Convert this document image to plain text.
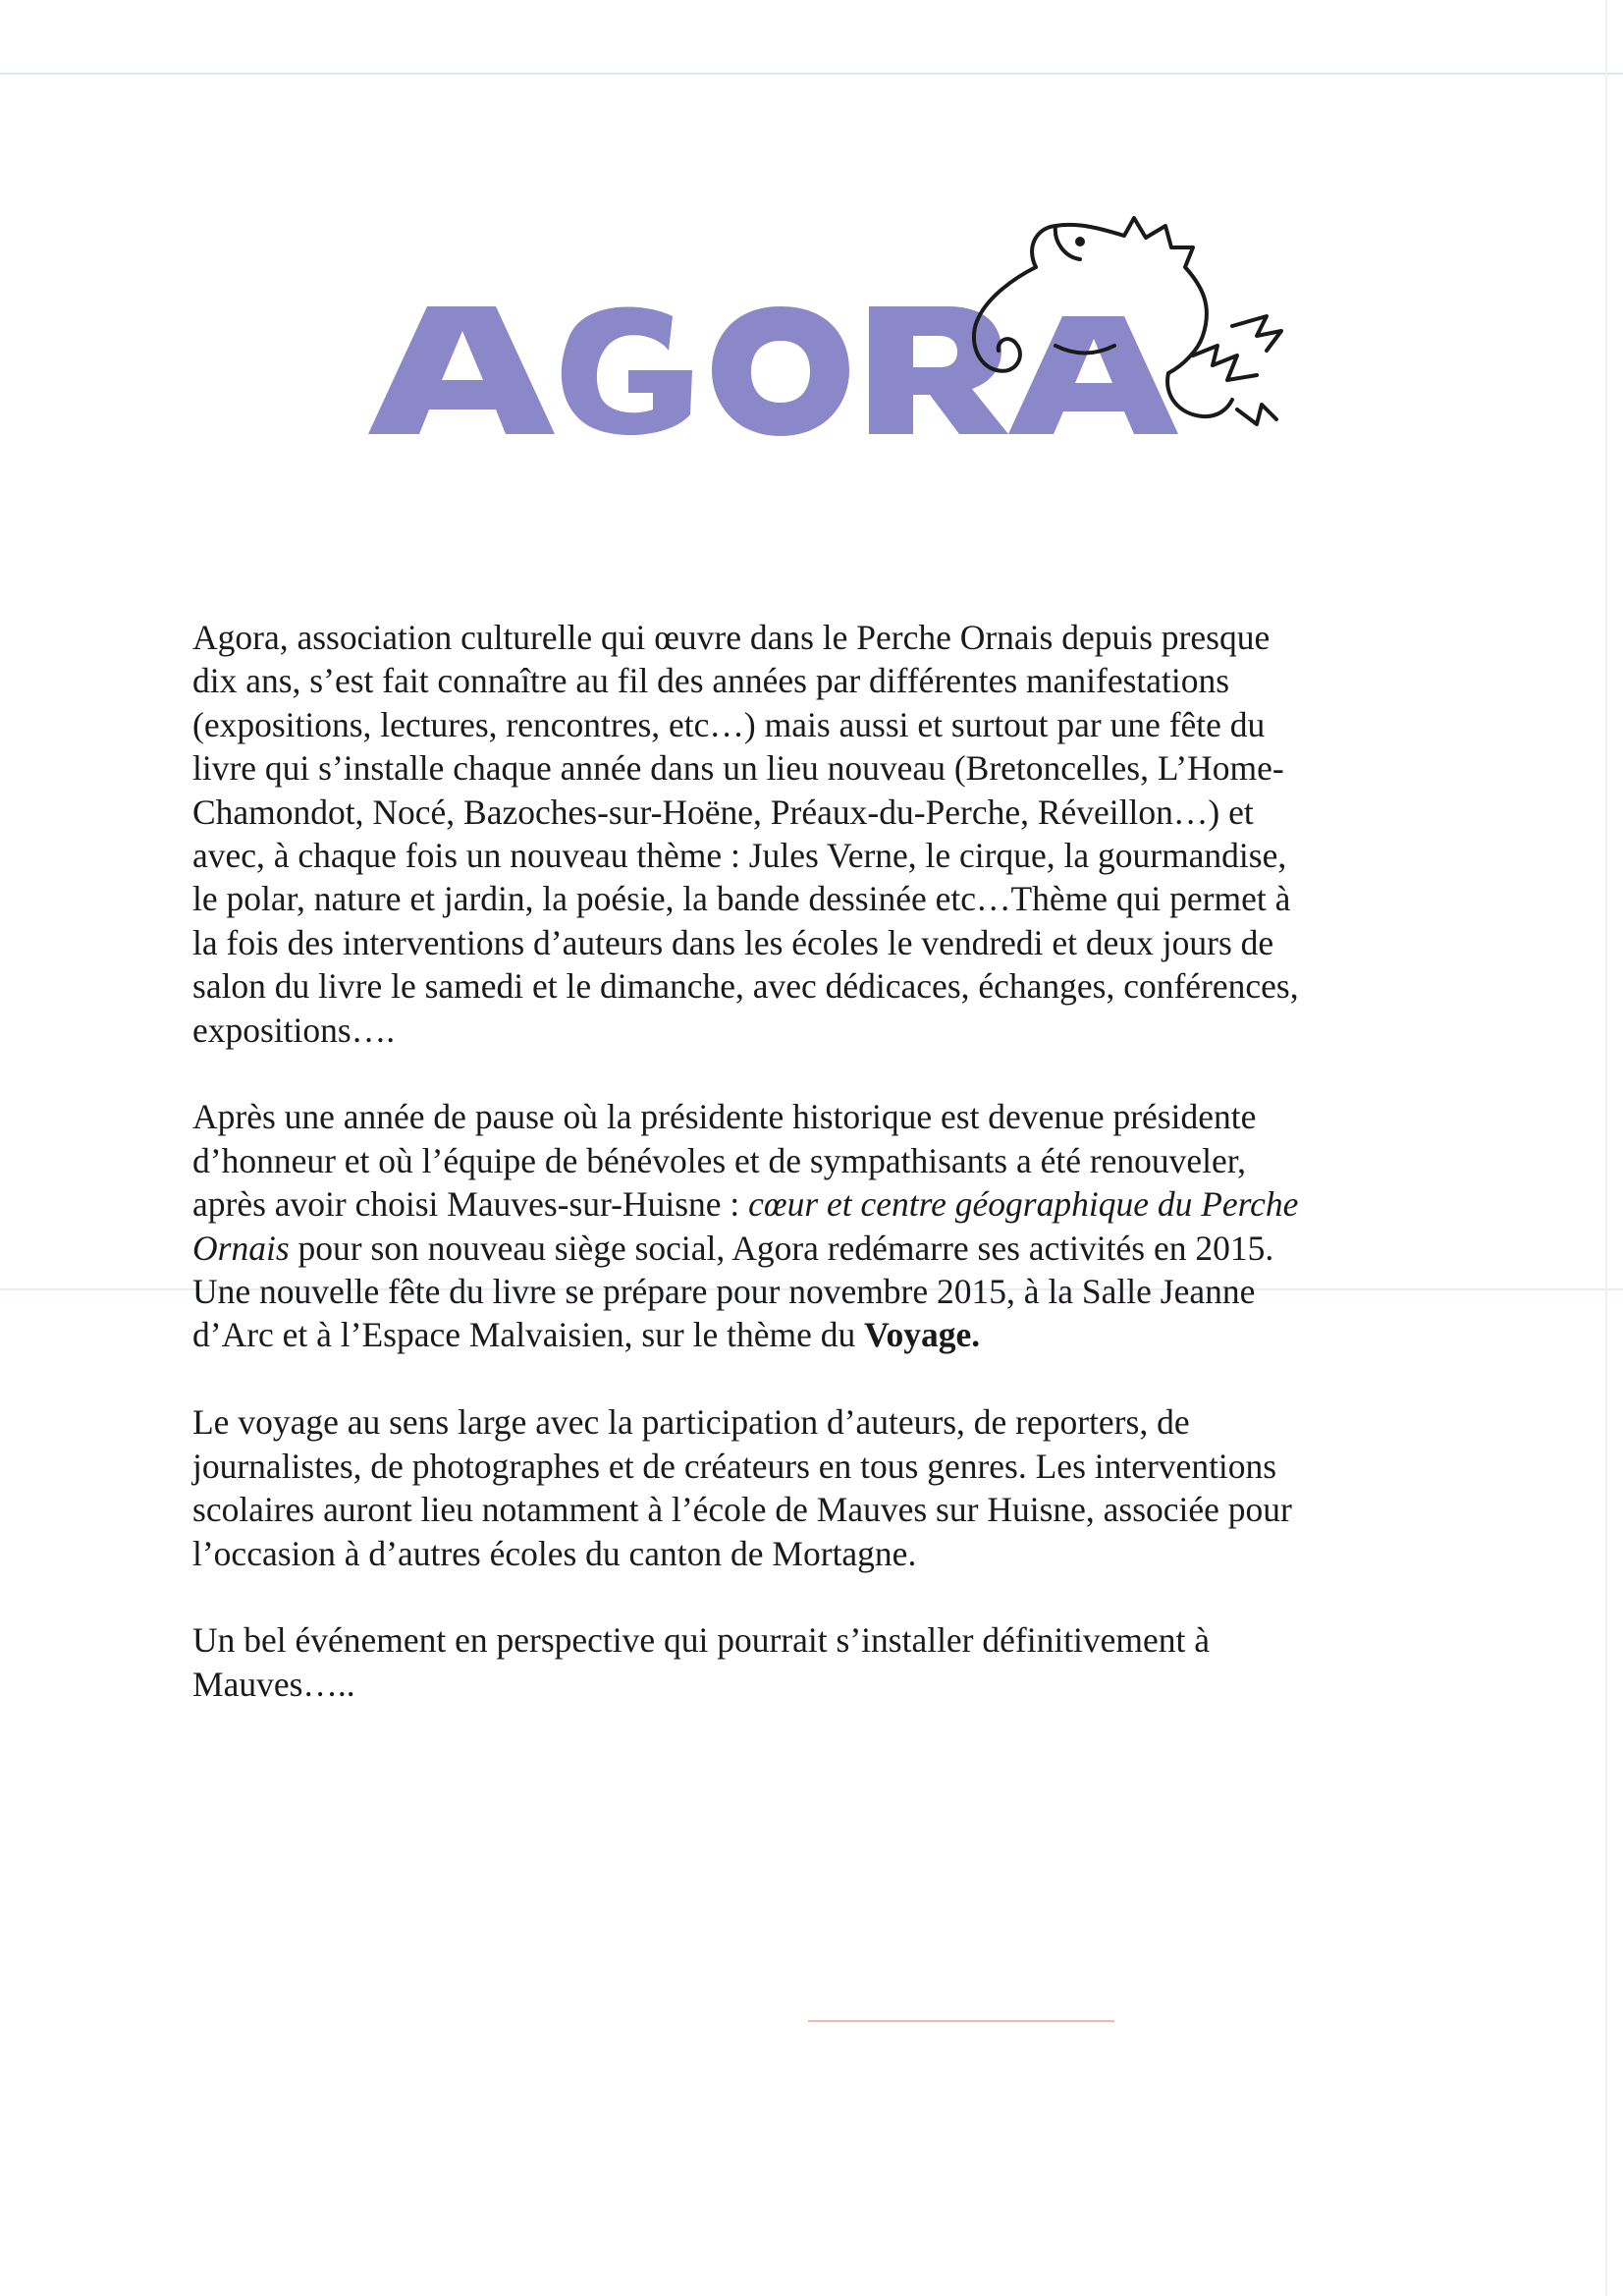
Agora, association culturelle qui œuvre dans le Perche Ornais depuis presque
dix ans, s’est fait connaître au fil des années par différentes manifestations
(expositions, lectures, rencontres, etc…) mais aussi et surtout par une fête du
livre qui s’installe chaque année dans un lieu nouveau (Bretoncelles, L’Home-
Chamondot, Nocé, Bazoches-sur-Hoëne, Préaux-du-Perche, Réveillon…) et
avec, à chaque fois un nouveau thème : Jules Verne, le cirque, la gourmandise,
le polar, nature et jardin, la poésie, la bande dessinée etc…Thème qui permet à
la fois des interventions d’auteurs dans les écoles le vendredi et deux jours de
salon du livre le samedi et le dimanche, avec dédicaces, échanges, conférences,
expositions….

Après une année de pause où la présidente historique est devenue présidente
d’honneur et où l’équipe de bénévoles et de sympathisants a été renouveler,
après avoir choisi Mauves-sur-Huisne : cœur et centre géographique du Perche
Ornais pour son nouveau siège social, Agora redémarre ses activités en 2015.
Une nouvelle fête du livre se prépare pour novembre 2015, à la Salle Jeanne
d’Arc et à l’Espace Malvaisien, sur le thème du Voyage.

Le voyage au sens large avec la participation d’auteurs, de reporters, de
journalistes, de photographes et de créateurs en tous genres. Les interventions
scolaires auront lieu notamment à l’école de Mauves sur Huisne, associée pour
l’occasion à d’autres écoles du canton de Mortagne.

Un bel événement en perspective qui pourrait s’installer définitivement à
Mauves…..
